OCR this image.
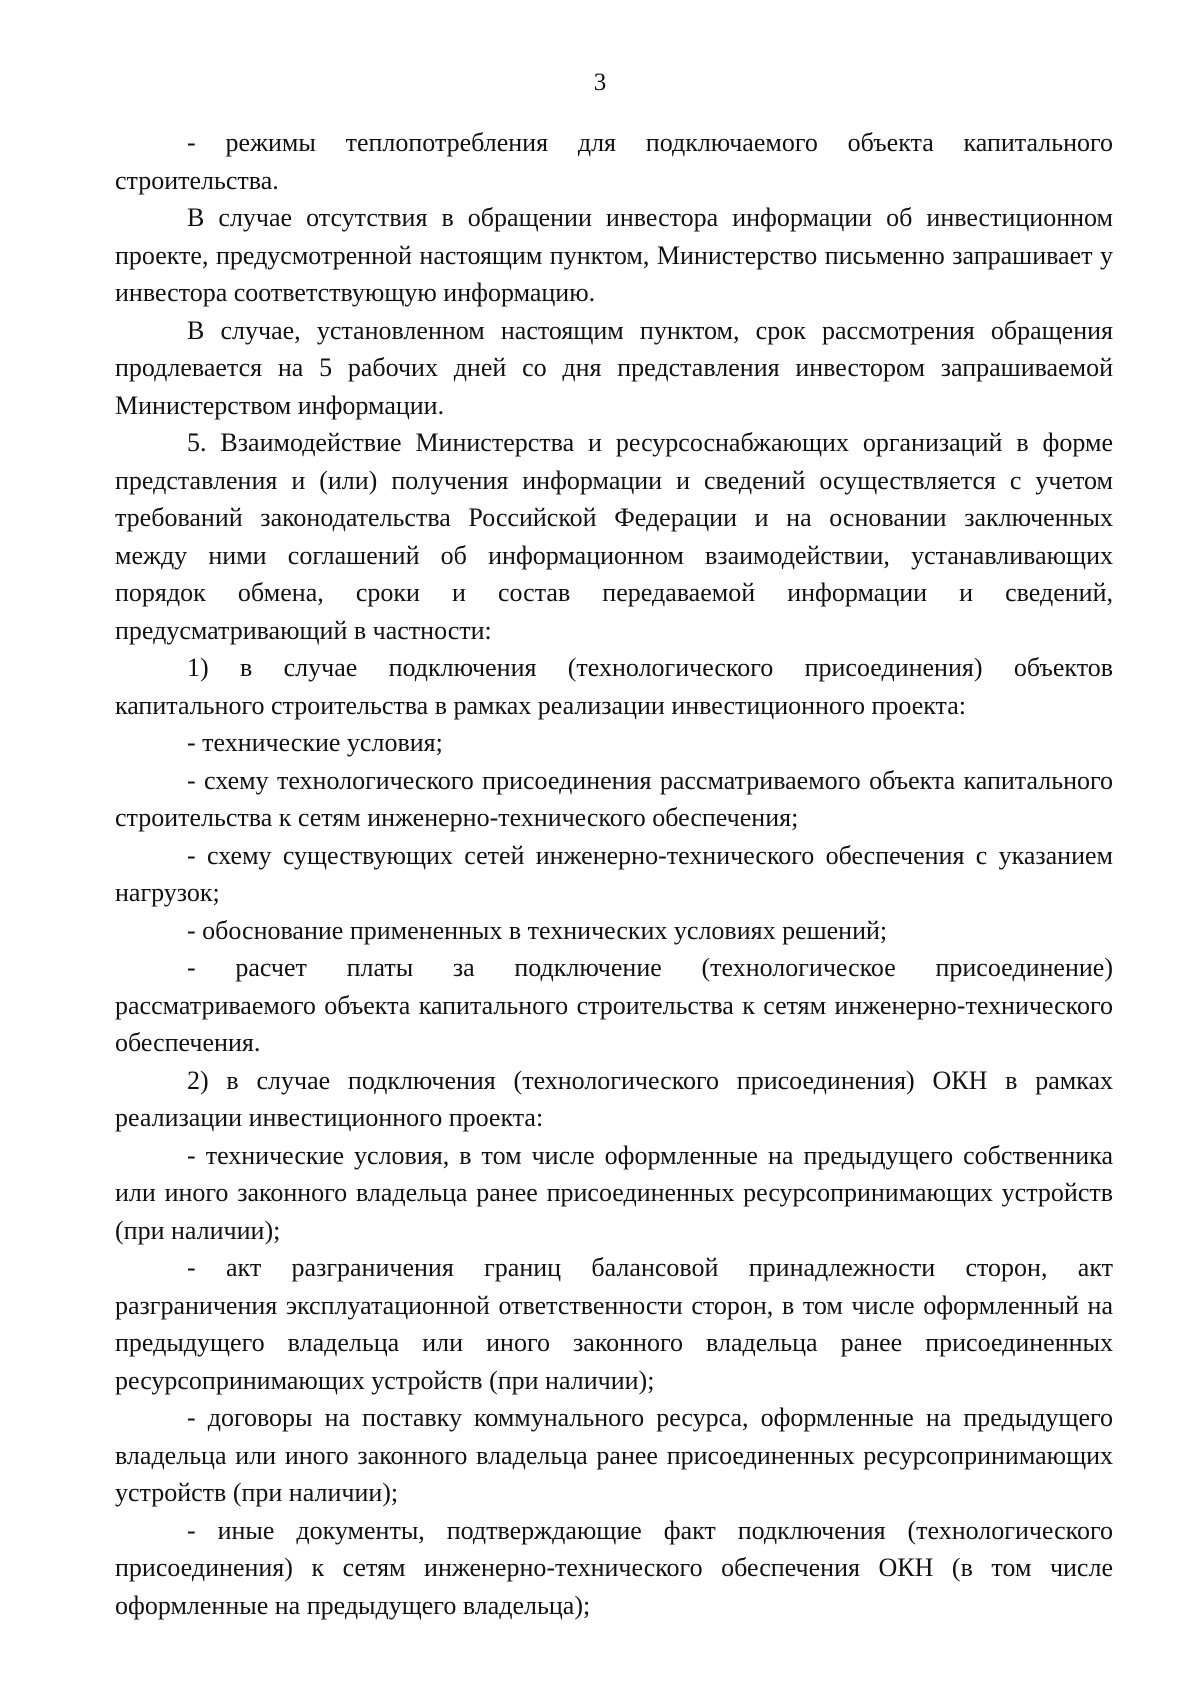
3

- режимы теплопотребления для подключаемого объекта капитального строительства.

В случае отсутствия в обращении инвестора информации об инвестиционном проекте, предусмотренной настоящим пунктом, Министерство письменно запрашивает у инвестора соответствующую информацию.

В случае, установленном настоящим пунктом, срок рассмотрения обращения продлевается на 5 рабочих дней со дня представления инвестором запрашиваемой Министерством информации.

5. Взаимодействие Министерства и ресурсоснабжающих организаций в форме представления и (или) получения информации и сведений осуществляется с учетом требований законодательства Российской Федерации и на основании заключенных между ними соглашений об информационном взаимодействии, устанавливающих порядок обмена, сроки и состав передаваемой информации и сведений, предусматривающий в частности:

1) в случае подключения (технологического присоединения) объектов капитального строительства в рамках реализации инвестиционного проекта:

- технические условия;

- схему технологического присоединения рассматриваемого объекта капитального строительства к сетям инженерно-технического обеспечения;

- схему существующих сетей инженерно-технического обеспечения с указанием нагрузок;

- обоснование примененных в технических условиях решений;

- расчет платы за подключение (технологическое присоединение) рассматриваемого объекта капитального строительства к сетям инженерно-технического обеспечения.

2) в случае подключения (технологического присоединения) ОКН в рамках реализации инвестиционного проекта:

- технические условия, в том числе оформленные на предыдущего собственника или иного законного владельца ранее присоединенных ресурсопринимающих устройств (при наличии);

- акт разграничения границ балансовой принадлежности сторон, акт разграничения эксплуатационной ответственности сторон, в том числе оформленный на предыдущего владельца или иного законного владельца ранее присоединенных ресурсопринимающих устройств (при наличии);

- договоры на поставку коммунального ресурса, оформленные на предыдущего владельца или иного законного владельца ранее присоединенных ресурсопринимающих устройств (при наличии);

- иные документы, подтверждающие факт подключения (технологического присоединения) к сетям инженерно-технического обеспечения ОКН (в том числе оформленные на предыдущего владельца);
